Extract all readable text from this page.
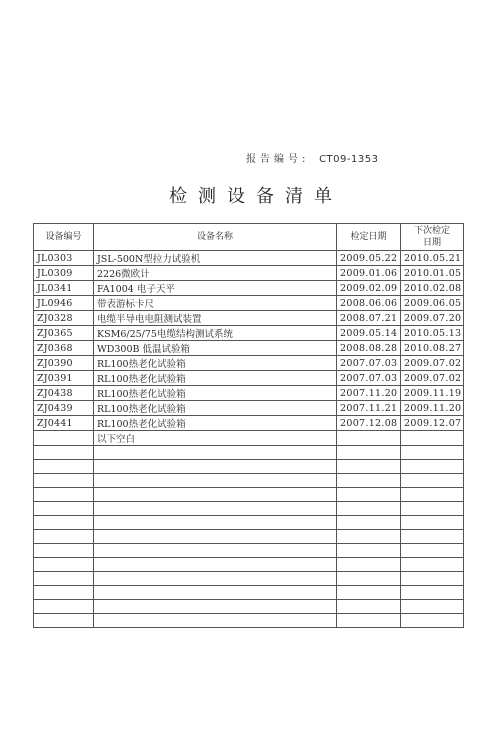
报告编号: CT09-1353
检测设备清单
设备编号	设备名称	检定日期	下次检定
日期

JL0303	JSL-500N型拉力试验机	2009.05.22	2010.05.21
JL0309	2226微欧计	2009.01.06	2010.01.05
JL0341	FA1004 电子天平	2009.02.09	2010.02.08
JL0946	带表游标卡尺	2008.06.06	2009.06.05
ZJ0328	电缆半导电电阻测试装置	2008.07.21	2009.07.20
ZJ0365	KSM6/25/75电缆结构测试系统	2009.05.14	2010.05.13
ZJ0368	WD300B 低温试验箱	2008.08.28	2010.08.27
ZJ0390	RL100热老化试验箱	2007.07.03	2009.07.02
ZJ0391	RL100热老化试验箱	2007.07.03	2009.07.02
ZJ0438	RL100热老化试验箱	2007.11.20	2009.11.19
ZJ0439	RL100热老化试验箱	2007.11.21	2009.11.20
ZJ0441	RL100热老化试验箱	2007.12.08	2009.12.07
	以下空白		
